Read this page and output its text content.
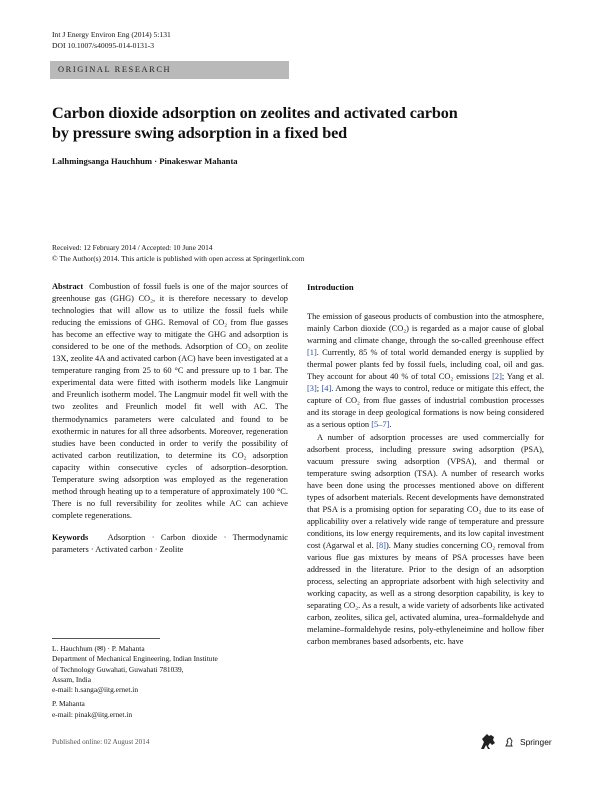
Int J Energy Environ Eng (2014) 5:131
DOI 10.1007/s40095-014-0131-3
ORIGINAL RESEARCH
Carbon dioxide adsorption on zeolites and activated carbon
by pressure swing adsorption in a fixed bed
Lalhmingsanga Hauchhum · Pinakeswar Mahanta
Received: 12 February 2014 / Accepted: 10 June 2014
© The Author(s) 2014. This article is published with open access at Springerlink.com
Abstract Combustion of fossil fuels is one of the major sources of greenhouse gas (GHG) CO₂, it is therefore necessary to develop technologies that will allow us to utilize the fossil fuels while reducing the emissions of GHG. Removal of CO₂ from flue gasses has become an effective way to mitigate the GHG and adsorption is considered to be one of the methods. Adsorption of CO₂ on zeolite 13X, zeolite 4A and activated carbon (AC) have been investigated at a temperature ranging from 25 to 60 °C and pressure up to 1 bar. The experimental data were fitted with isotherm models like Langmuir and Freunlich isotherm model. The Langmuir model fit well with the two zeolites and Freunlich model fit well with AC. The thermodynamics parameters were calculated and found to be exothermic in natures for all three adsorbents. Moreover, regeneration studies have been conducted in order to verify the possibility of activated carbon reutilization, to determine its CO₂ adsorption capacity within consecutive cycles of adsorption–desorption. Temperature swing adsorption was employed as the regeneration method through heating up to a temperature of approximately 100 °C. There is no full reversibility for zeolites while AC can achieve complete regenerations.
Keywords Adsorption · Carbon dioxide · Thermodynamic parameters · Activated carbon · Zeolite
L. Hauchhum (✉) · P. Mahanta
Department of Mechanical Engineering, Indian Institute
of Technology Guwahati, Guwahati 781039,
Assam, India
e-mail: h.sanga@iitg.ernet.in
P. Mahanta
e-mail: pinak@iitg.ernet.in
Introduction

The emission of gaseous products of combustion into the atmosphere, mainly Carbon dioxide (CO₂) is regarded as a major cause of global warming and climate change, through the so-called greenhouse effect [1]. Currently, 85 % of total world demanded energy is supplied by thermal power plants fed by fossil fuels, including coal, oil and gas. They account for about 40 % of total CO₂ emissions [2]; Yang et al. [3]; [4]. Among the ways to control, reduce or mitigate this effect, the capture of CO₂ from flue gasses of industrial combustion processes and its storage in deep geological formations is now being considered as a serious option [5–7].

A number of adsorption processes are used commercially for adsorbent process, including pressure swing adsorption (PSA), vacuum pressure swing adsorption (VPSA), and thermal or temperature swing adsorption (TSA). A number of research works have been done using the processes mentioned above on different types of adsorbent materials. Recent developments have demonstrated that PSA is a promising option for separating CO₂ due to its ease of applicability over a relatively wide range of temperature and pressure conditions, its low energy requirements, and its low capital investment cost (Agarwal et al. [8]). Many studies concerning CO₂ removal from various flue gas mixtures by means of PSA processes have been addressed in the literature. Prior to the design of an adsorption process, selecting an appropriate adsorbent with high selectivity and working capacity, as well as a strong desorption capability, is key to separating CO₂. As a result, a wide variety of adsorbents like activated carbon, zeolites, silica gel, activated alumina, urea–formaldehyde and melamine–formaldehyde resins, poly-ethyleneimine and hollow fiber carbon membranes based adsorbents, etc. have

Published online: 02 August 2014	Springer
